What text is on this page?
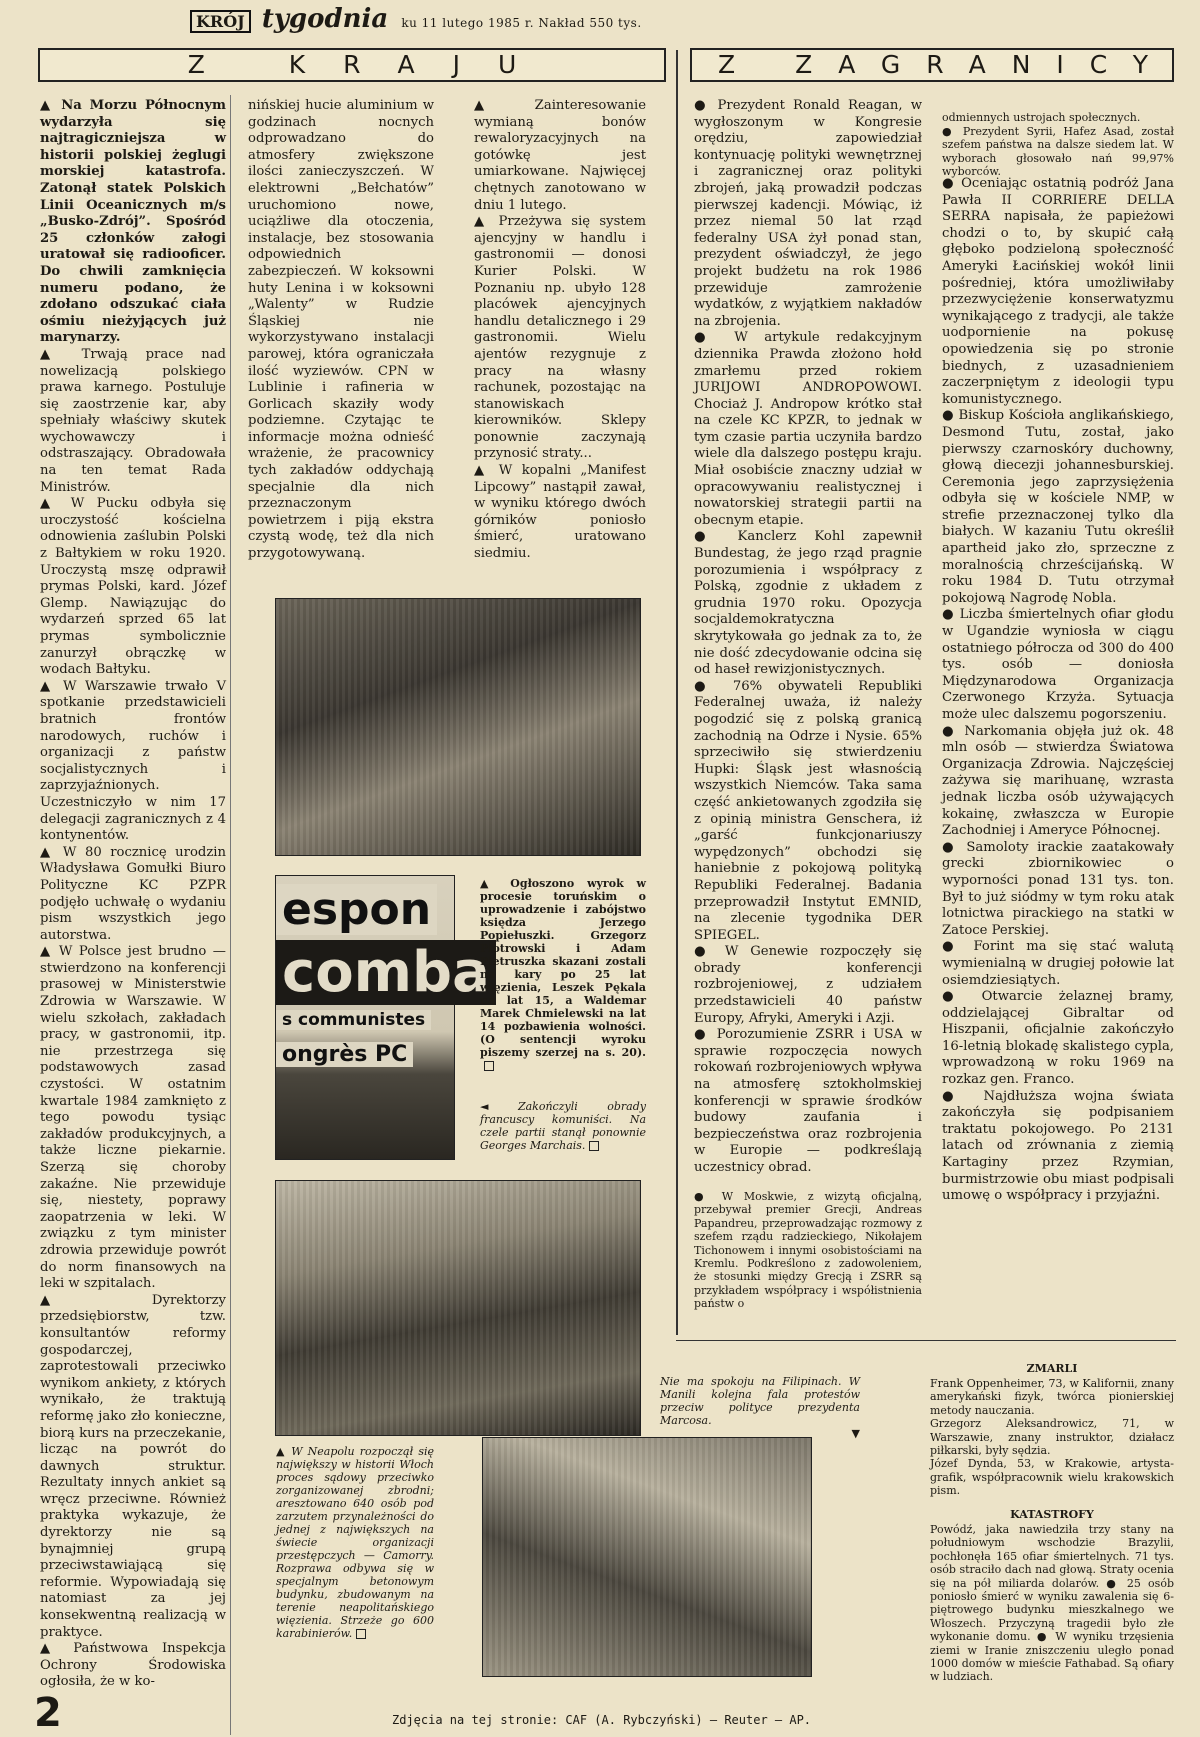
KRÓJ tygodnia ku 11 lutego 1985 r. Nakład 550 tys.
Z KRAJU	Z ZAGRANICY

▲ Na Morzu Północnym wydarzyła się najtragiczniejsza w historii polskiej żeglugi morskiej katastrofa. Zatonął statek Polskich Linii Oceanicznych m/s „Busko-Zdrój”. Spośród 25 członków załogi uratował się radiooficer. Do chwili zamknięcia numeru podano, że zdołano odszukać ciała ośmiu nieżyjących już marynarzy.

▲ Trwają prace nad nowelizacją polskiego prawa karnego. Postuluje się zaostrzenie kar, aby spełniały właściwy skutek wychowawczy i odstraszający. Obradowała na ten temat Rada Ministrów.

▲ W Pucku odbyła się uroczystość kościelna odnowienia zaślubin Polski z Bałtykiem w roku 1920. Uroczystą mszę odprawił prymas Polski, kard. Józef Glemp. Nawiązując do wydarzeń sprzed 65 lat prymas symbolicznie zanurzył obrączkę w wodach Bałtyku.

▲ W Warszawie trwało V spotkanie przedstawicieli bratnich frontów narodowych, ruchów i organizacji z państw socjalistycznych i zaprzyjaźnionych. Uczestniczyło w nim 17 delegacji zagranicznych z 4 kontynentów.

▲ W 80 rocznicę urodzin Władysława Gomułki Biuro Polityczne KC PZPR podjęło uchwałę o wydaniu pism wszystkich jego autorstwa.

▲ W Polsce jest brudno — stwierdzono na konferencji prasowej w Ministerstwie Zdrowia w Warszawie. W wielu szkołach, zakładach pracy, w gastronomii, itp. nie przestrzega się podstawowych zasad czystości. W ostatnim kwartale 1984 zamknięto z tego powodu tysiąc zakładów produkcyjnych, a także liczne piekarnie. Szerzą się choroby zakaźne. Nie przewiduje się, niestety, poprawy zaopatrzenia w leki. W związku z tym minister zdrowia przewiduje powrót do norm finansowych na leki w szpitalach.

▲ Dyrektorzy przedsiębiorstw, tzw. konsultantów reformy gospodarczej, zaprotestowali przeciwko wynikom ankiety, z których wynikało, że traktują reformę jako zło konieczne, biorą kurs na przeczekanie, licząc na powrót do dawnych struktur. Rezultaty innych ankiet są wręcz przeciwne. Również praktyka wykazuje, że dyrektorzy nie są bynajmniej grupą przeciwstawiającą się reformie. Wypowiadają się natomiast za jej konsekwentną realizacją w praktyce.

▲ Państwowa Inspekcja Ochrony Środowiska ogłosiła, że w ko-

nińskiej hucie aluminium w godzinach nocnych odprowadzano do atmosfery zwiększone ilości zanieczyszczeń. W elektrowni „Bełchatów” uruchomiono nowe, uciążliwe dla otoczenia, instalacje, bez stosowania odpowiednich zabezpieczeń. W koksowni huty Lenina i w koksowni „Walenty” w Rudzie Śląskiej nie wykorzystywano instalacji parowej, która ograniczała ilość wyziewów. CPN w Lublinie i rafineria w Gorlicach skaziły wody podziemne. Czytając te informacje można odnieść wrażenie, że pracownicy tych zakładów oddychają specjalnie dla nich przeznaczonym powietrzem i piją ekstra czystą wodę, też dla nich przygotowywaną.

▲ Zainteresowanie wymianą bonów rewaloryzacyjnych na gotówkę jest umiarkowane. Najwięcej chętnych zanotowano w dniu 1 lutego.

▲ Przeżywa się system ajencyjny w handlu i gastronomii — donosi Kurier Polski. W Poznaniu np. ubyło 128 placówek ajencyjnych handlu detalicznego i 29 gastronomii. Wielu ajentów rezygnuje z pracy na własny rachunek, pozostając na stanowiskach kierowników. Sklepy ponownie zaczynają przynosić straty...

▲ W kopalni „Manifest Lipcowy” nastąpił zawał, w wyniku którego dwóch górników poniosło śmierć, uratowano siedmiu.

espon
comba
s communistes
ongrès PC
▲ Ogłoszono wyrok w procesie toruńskim o uprowadzenie i zabójstwo księdza Jerzego Popiełuszki. Grzegorz Piotrowski i Adam Pietruszka skazani zostali na kary po 25 lat więzienia, Leszek Pękala na lat 15, a Waldemar Marek Chmielewski na lat 14 pozbawienia wolności. (O sentencji wyroku piszemy szerzej na s. 20).
◄ Zakończyli obrady francuscy komuniści. Na czele partii stanął ponownie Georges Marchais.
▲ W Neapolu rozpoczął się największy w historii Włoch proces sądowy przeciwko zorganizowanej zbrodni; aresztowano 640 osób pod zarzutem przynależności do jednej z największych na świecie organizacji przestępczych — Camorry. Rozprawa odbywa się w specjalnym betonowym budynku, zbudowanym na terenie neapolitańskiego więzienia. Strzeże go 600 karabinierów.
Nie ma spokoju na Filipinach. W Manili kolejna fala protestów przeciw polityce prezydenta Marcosa.
▼

● Prezydent Ronald Reagan, w wygłoszonym w Kongresie orędziu, zapowiedział kontynuację polityki wewnętrznej i zagranicznej oraz polityki zbrojeń, jaką prowadził podczas pierwszej kadencji. Mówiąc, iż przez niemal 50 lat rząd federalny USA żył ponad stan, prezydent oświadczył, że jego projekt budżetu na rok 1986 przewiduje zamrożenie wydatków, z wyjątkiem nakładów na zbrojenia.

● W artykule redakcyjnym dziennika Prawda złożono hołd zmarłemu przed rokiem JURIJOWI ANDROPOWOWI. Chociaż J. Andropow krótko stał na czele KC KPZR, to jednak w tym czasie partia uczyniła bardzo wiele dla dalszego postępu kraju. Miał osobiście znaczny udział w opracowywaniu realistycznej i nowatorskiej strategii partii na obecnym etapie.

● Kanclerz Kohl zapewnił Bundestag, że jego rząd pragnie porozumienia i współpracy z Polską, zgodnie z układem z grudnia 1970 roku. Opozycja socjaldemokratyczna skrytykowała go jednak za to, że nie dość zdecydowanie odcina się od haseł rewizjonistycznych.

● 76% obywateli Republiki Federalnej uważa, iż należy pogodzić się z polską granicą zachodnią na Odrze i Nysie. 65% sprzeciwiło się stwierdzeniu Hupki: Śląsk jest własnością wszystkich Niemców. Taka sama część ankietowanych zgodziła się z opinią ministra Genschera, iż „garść funkcjonariuszy wypędzonych” obchodzi się haniebnie z pokojową polityką Republiki Federalnej. Badania przeprowadził Instytut EMNID, na zlecenie tygodnika DER SPIEGEL.

● W Genewie rozpoczęły się obrady konferencji rozbrojeniowej, z udziałem przedstawicieli 40 państw Europy, Afryki, Ameryki i Azji.

● Porozumienie ZSRR i USA w sprawie rozpoczęcia nowych rokowań rozbrojeniowych wpływa na atmosferę sztokholmskiej konferencji w sprawie środków budowy zaufania i bezpieczeństwa oraz rozbrojenia w Europie — podkreślają uczestnicy obrad.

● W Moskwie, z wizytą oficjalną, przebywał premier Grecji, Andreas Papandreu, przeprowadzając rozmowy z szefem rządu radzieckiego, Nikołajem Tichonowem i innymi osobistościami na Kremlu. Podkreślono z zadowoleniem, że stosunki między Grecją i ZSRR są przykładem współpracy i współistnienia państw o

odmiennych ustrojach społecznych.
● Prezydent Syrii, Hafez Asad, został szefem państwa na dalsze siedem lat. W wyborach głosowało nań 99,97% wyborców.

● Oceniając ostatnią podróż Jana Pawła II CORRIERE DELLA SERRA napisała, że papieżowi chodzi o to, by skupić całą głęboko podzieloną społeczność Ameryki Łacińskiej wokół linii pośredniej, która umożliwiłaby przezwyciężenie konserwatyzmu wynikającego z tradycji, ale także uodpornienie na pokusę opowiedzenia się po stronie biednych, z uzasadnieniem zaczerpniętym z ideologii typu komunistycznego.

● Biskup Kościoła anglikańskiego, Desmond Tutu, został, jako pierwszy czarnoskóry duchowny, głową diecezji johannesburskiej. Ceremonia jego zaprzysiężenia odbyła się w kościele NMP, w strefie przeznaczonej tylko dla białych. W kazaniu Tutu określił apartheid jako zło, sprzeczne z moralnością chrześcijańską. W roku 1984 D. Tutu otrzymał pokojową Nagrodę Nobla.

● Liczba śmiertelnych ofiar głodu w Ugandzie wyniosła w ciągu ostatniego półrocza od 300 do 400 tys. osób — doniosła Międzynarodowa Organizacja Czerwonego Krzyża. Sytuacja może ulec dalszemu pogorszeniu.

● Narkomania objęła już ok. 48 mln osób — stwierdza Światowa Organizacja Zdrowia. Najczęściej zażywa się marihuanę, wzrasta jednak liczba osób używających kokainę, zwłaszcza w Europie Zachodniej i Ameryce Północnej.

● Samoloty irackie zaatakowały grecki zbiornikowiec o wyporności ponad 131 tys. ton. Był to już siódmy w tym roku atak lotnictwa pirackiego na statki w Zatoce Perskiej.

● Forint ma się stać walutą wymienialną w drugiej połowie lat osiemdziesiątych.

● Otwarcie żelaznej bramy, oddzielającej Gibraltar od Hiszpanii, oficjalnie zakończyło 16-letnią blokadę skalistego cypla, wprowadzoną w roku 1969 na rozkaz gen. Franco.

● Najdłuższa wojna świata zakończyła się podpisaniem traktatu pokojowego. Po 2131 latach od zrównania z ziemią Kartaginy przez Rzymian, burmistrzowie obu miast podpisali umowę o współpracy i przyjaźni.

ZMARLI
Frank Oppenheimer, 73, w Kalifornii, znany amerykański fizyk, twórca pionierskiej metody nauczania.
Grzegorz Aleksandrowicz, 71, w Warszawie, znany instruktor, działacz piłkarski, były sędzia.
Józef Dynda, 53, w Krakowie, artysta-grafik, współpracownik wielu krakowskich pism.
KATASTROFY
Powódź, jaka nawiedziła trzy stany na południowym wschodzie Brazylii, pochłonęła 165 ofiar śmiertelnych. 71 tys. osób straciło dach nad głową. Straty ocenia się na pół miliarda dolarów. ● 25 osób poniosło śmierć w wyniku zawalenia się 6-piętrowego budynku mieszkalnego we Włoszech. Przyczyną tragedii było złe wykonanie domu. ● W wyniku trzęsienia ziemi w Iranie zniszczeniu uległo ponad 1000 domów w mieście Fathabad. Są ofiary w ludziach.
2	Zdjęcia na tej stronie: CAF (A. Rybczyński) — Reuter — AP.
